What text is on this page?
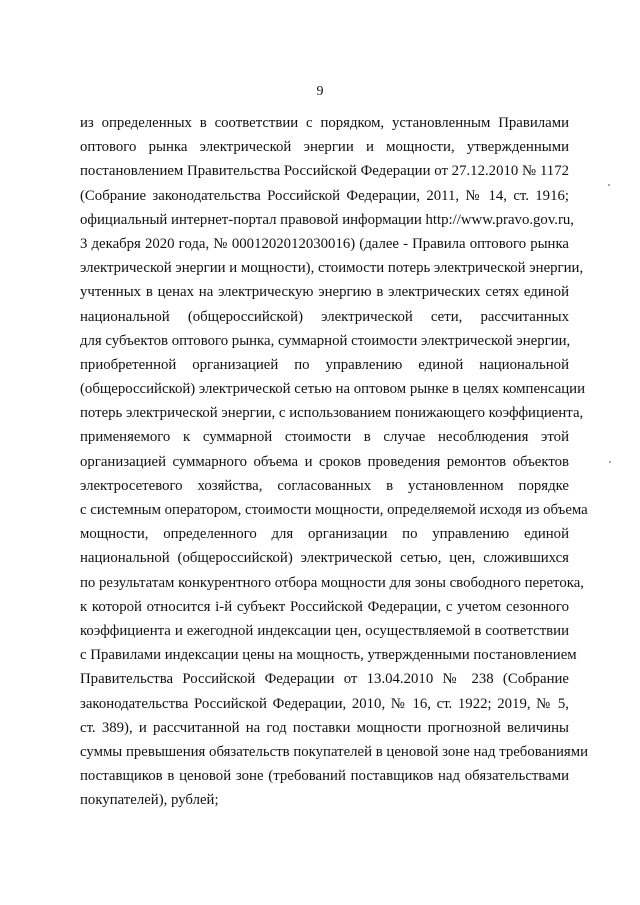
9
из определенных в соответствии с порядком, установленным Правилами
оптового рынка электрической энергии и мощности, утвержденными
постановлением Правительства Российской Федерации от 27.12.2010 № 1172
(Собрание законодательства Российской Федерации, 2011, № 14, ст. 1916;
официальный интернет-портал правовой информации http://www.pravo.gov.ru,
3 декабря 2020 года, № 0001202012030016) (далее - Правила оптового рынка
электрической энергии и мощности), стоимости потерь электрической энергии,
учтенных в ценах на электрическую энергию в электрических сетях единой
национальной (общероссийской) электрической сети, рассчитанных
для субъектов оптового рынка, суммарной стоимости электрической энергии,
приобретенной организацией по управлению единой национальной
(общероссийской) электрической сетью на оптовом рынке в целях компенсации
потерь электрической энергии, с использованием понижающего коэффициента,
применяемого к суммарной стоимости в случае несоблюдения этой
организацией суммарного объема и сроков проведения ремонтов объектов
электросетевого хозяйства, согласованных в установленном порядке
с системным оператором, стоимости мощности, определяемой исходя из объема
мощности, определенного для организации по управлению единой
национальной (общероссийской) электрической сетью, цен, сложившихся
по результатам конкурентного отбора мощности для зоны свободного перетока,
к которой относится i-й субъект Российской Федерации, с учетом сезонного
коэффициента и ежегодной индексации цен, осуществляемой в соответствии
с Правилами индексации цены на мощность, утвержденными постановлением
Правительства Российской Федерации от 13.04.2010 № 238 (Собрание
законодательства Российской Федерации, 2010, № 16, ст. 1922; 2019, № 5,
ст. 389), и рассчитанной на год поставки мощности прогнозной величины
суммы превышения обязательств покупателей в ценовой зоне над требованиями
поставщиков в ценовой зоне (требований поставщиков над обязательствами
покупателей), рублей;
